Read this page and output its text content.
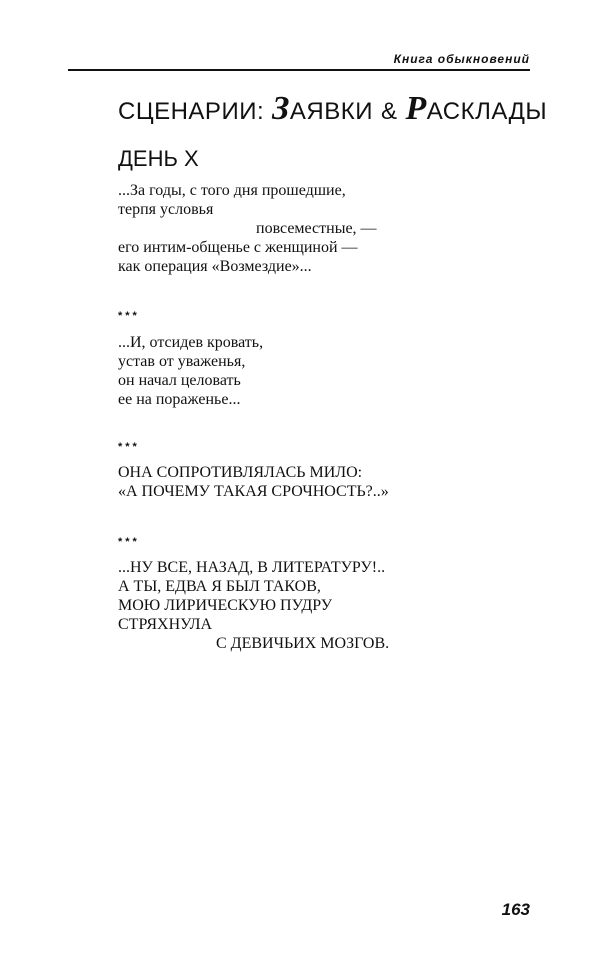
Книга обыкновений
СЦЕНАРИИ: З АЯВКИ & Р АСКЛАДЫ
ДЕНЬ Х
...За годы, с того дня прошедшие,
терпя условья
повсеместные, —
его интим-общенье с женщиной —
как операция «Возмездие»...
***
...И, отсидев кровать,
устав от уваженья,
он начал целовать
ее на пораженье...
***
ОНА СОПРОТИВЛЯЛАСЬ МИЛО:
«А ПОЧЕМУ ТАКАЯ СРОЧНОСТЬ?..»
***
...НУ ВСЕ, НАЗАД, В ЛИТЕРАТУРУ!..
А ТЫ, ЕДВА Я БЫЛ ТАКОВ,
МОЮ ЛИРИЧЕСКУЮ ПУДРУ
СТРЯХНУЛА
С ДЕВИЧЬИХ МОЗГОВ.
163
